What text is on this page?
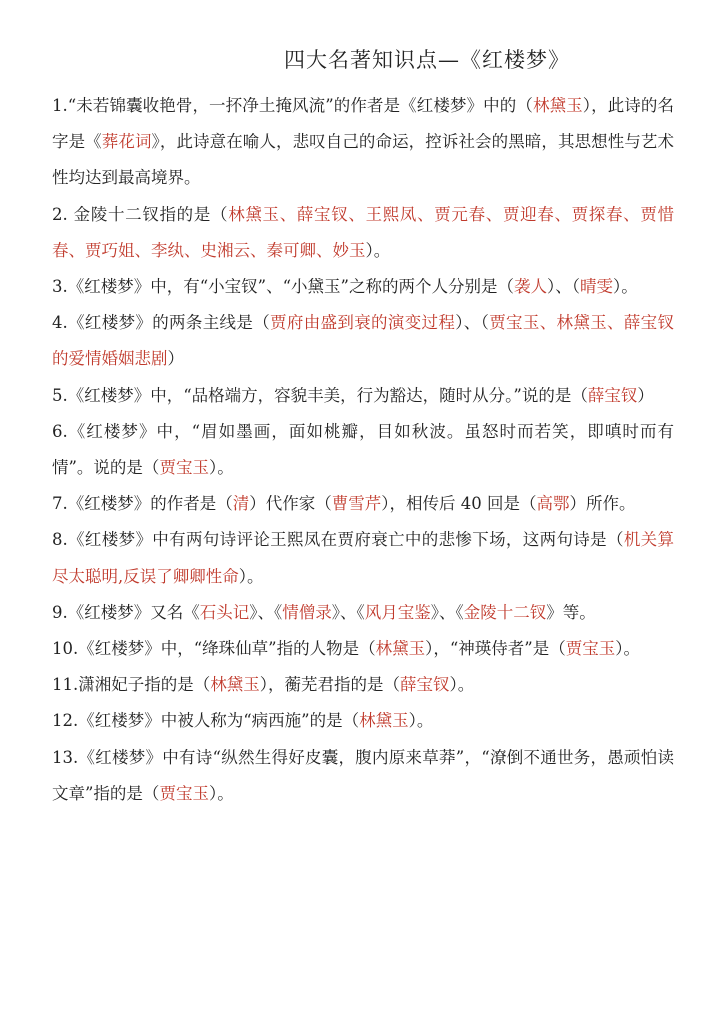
四大名著知识点—《红楼梦》

1.“未若锦囊收艳骨，一抔净土掩风流”的作者是《红楼梦》中的（林黛玉），此诗的名字是《葬花词》，此诗意在喻人，悲叹自己的命运，控诉社会的黑暗，其思想性与艺术性均达到最高境界。

2. 金陵十二钗指的是（林黛玉、薛宝钗、王熙凤、贾元春、贾迎春、贾探春、贾惜春、贾巧姐、李纨、史湘云、秦可卿、妙玉）。

3.《红楼梦》中，有“小宝钗”、“小黛玉”之称的两个人分别是（袭人）、（晴雯）。

4.《红楼梦》的两条主线是（贾府由盛到衰的演变过程）、（贾宝玉、林黛玉、薛宝钗的爱情婚姻悲剧）

5.《红楼梦》中，“品格端方，容貌丰美，行为豁达，随时从分。”说的是（薛宝钗）

6.《红楼梦》中，“眉如墨画，面如桃瓣，目如秋波。虽怒时而若笑，即嗔时而有情”。说的是（贾宝玉）。

7.《红楼梦》的作者是（清）代作家（曹雪芹），相传后 40 回是（高鄂）所作。

8.《红楼梦》中有两句诗评论王熙凤在贾府衰亡中的悲惨下场，这两句诗是（机关算尽太聪明,反误了卿卿性命）。

9.《红楼梦》又名《石头记》、《情僧录》、《风月宝鉴》、《金陵十二钗》等。

10.《红楼梦》中，“绛珠仙草”指的人物是（林黛玉），“神瑛侍者”是（贾宝玉）。

11.潇湘妃子指的是（林黛玉），蘅芜君指的是（薛宝钗）。

12.《红楼梦》中被人称为“病西施”的是（林黛玉）。

13.《红楼梦》中有诗“纵然生得好皮囊，腹内原来草莽”，“潦倒不通世务，愚顽怕读文章”指的是（贾宝玉）。
